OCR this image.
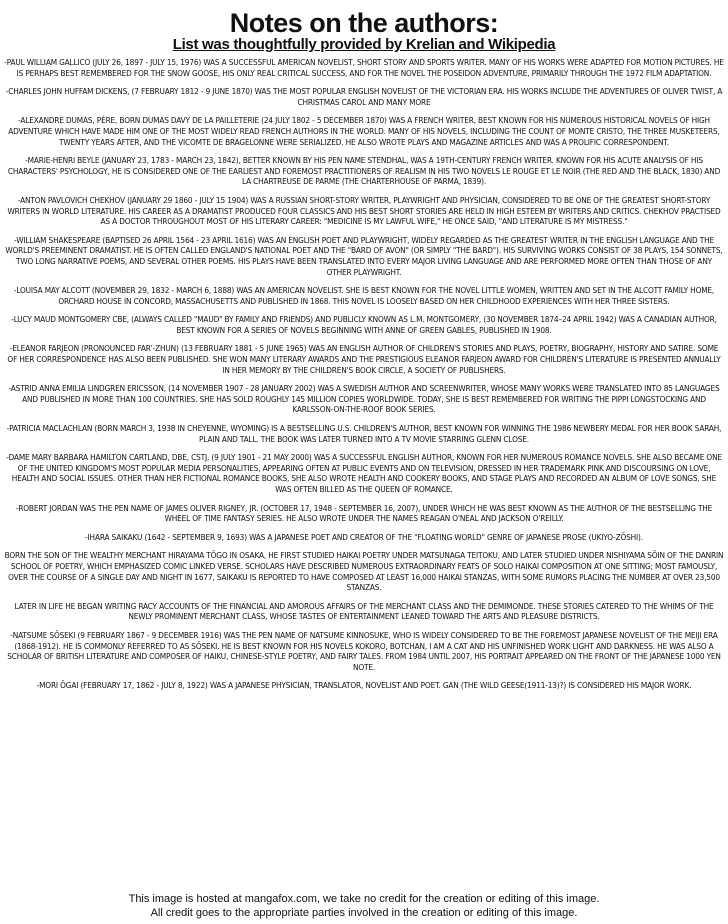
Notes on the authors:
List was thoughtfully provided by Krelian and Wikipedia

-PAUL WILLIAM GALLICO (JULY 26, 1897 - JULY 15, 1976) WAS A SUCCESSFUL AMERICAN NOVELIST, SHORT STORY AND SPORTS WRITER. MANY OF HIS WORKS WERE ADAPTED FOR MOTION PICTURES. HE IS PERHAPS BEST REMEMBERED FOR THE SNOW GOOSE, HIS ONLY REAL CRITICAL SUCCESS, AND FOR THE NOVEL THE POSEIDON ADVENTURE, PRIMARILY THROUGH THE 1972 FILM ADAPTATION.

-CHARLES JOHN HUFFAM DICKENS, (7 FEBRUARY 1812 - 9 JUNE 1870) WAS THE MOST POPULAR ENGLISH NOVELIST OF THE VICTORIAN ERA. HIS WORKS INCLUDE THE ADVENTURES OF OLIVER TWIST, A CHRISTMAS CAROL AND MANY MORE

-ALEXANDRE DUMAS, PÈRE, BORN DUMAS DAVY DE LA PAILLETERIE (24 JULY 1802 - 5 DECEMBER 1870) WAS A FRENCH WRITER, BEST KNOWN FOR HIS NUMEROUS HISTORICAL NOVELS OF HIGH ADVENTURE WHICH HAVE MADE HIM ONE OF THE MOST WIDELY READ FRENCH AUTHORS IN THE WORLD. MANY OF HIS NOVELS, INCLUDING THE COUNT OF MONTE CRISTO, THE THREE MUSKETEERS, TWENTY YEARS AFTER, AND THE VICOMTE DE BRAGELONNE WERE SERIALIZED. HE ALSO WROTE PLAYS AND MAGAZINE ARTICLES AND WAS A PROLIFIC CORRESPONDENT.

-MARIE-HENRI BEYLE (JANUARY 23, 1783 - MARCH 23, 1842), BETTER KNOWN BY HIS PEN NAME STENDHAL, WAS A 19TH-CENTURY FRENCH WRITER. KNOWN FOR HIS ACUTE ANALYSIS OF HIS CHARACTERS' PSYCHOLOGY, HE IS CONSIDERED ONE OF THE EARLIEST AND FOREMOST PRACTITIONERS OF REALISM IN HIS TWO NOVELS LE ROUGE ET LE NOIR (THE RED AND THE BLACK, 1830) AND LA CHARTREUSE DE PARME (THE CHARTERHOUSE OF PARMA, 1839).

-ANTON PAVLOVICH CHEKHOV (JANUARY 29 1860 - JULY 15 1904) WAS A RUSSIAN SHORT-STORY WRITER, PLAYWRIGHT AND PHYSICIAN, CONSIDERED TO BE ONE OF THE GREATEST SHORT-STORY WRITERS IN WORLD LITERATURE. HIS CAREER AS A DRAMATIST PRODUCED FOUR CLASSICS AND HIS BEST SHORT STORIES ARE HELD IN HIGH ESTEEM BY WRITERS AND CRITICS. CHEKHOV PRACTISED AS A DOCTOR THROUGHOUT MOST OF HIS LITERARY CAREER: "MEDICINE IS MY LAWFUL WIFE," HE ONCE SAID, "AND LITERATURE IS MY MISTRESS."

-WILLIAM SHAKESPEARE (BAPTISED 26 APRIL 1564 - 23 APRIL 1616) WAS AN ENGLISH POET AND PLAYWRIGHT, WIDELY REGARDED AS THE GREATEST WRITER IN THE ENGLISH LANGUAGE AND THE WORLD'S PREEMINENT DRAMATIST. HE IS OFTEN CALLED ENGLAND'S NATIONAL POET AND THE "BARD OF AVON" (OR SIMPLY "THE BARD"). HIS SURVIVING WORKS CONSIST OF 38 PLAYS, 154 SONNETS, TWO LONG NARRATIVE POEMS, AND SEVERAL OTHER POEMS. HIS PLAYS HAVE BEEN TRANSLATED INTO EVERY MAJOR LIVING LANGUAGE AND ARE PERFORMED MORE OFTEN THAN THOSE OF ANY OTHER PLAYWRIGHT.

-LOUISA MAY ALCOTT (NOVEMBER 29, 1832 - MARCH 6, 1888) WAS AN AMERICAN NOVELIST. SHE IS BEST KNOWN FOR THE NOVEL LITTLE WOMEN, WRITTEN AND SET IN THE ALCOTT FAMILY HOME, ORCHARD HOUSE IN CONCORD, MASSACHUSETTS AND PUBLISHED IN 1868. THIS NOVEL IS LOOSELY BASED ON HER CHILDHOOD EXPERIENCES WITH HER THREE SISTERS.

-LUCY MAUD MONTGOMERY CBE, (ALWAYS CALLED "MAUD" BY FAMILY AND FRIENDS) AND PUBLICLY KNOWN AS L.M. MONTGOMERY, (30 NOVEMBER 1874–24 APRIL 1942) WAS A CANADIAN AUTHOR, BEST KNOWN FOR A SERIES OF NOVELS BEGINNING WITH ANNE OF GREEN GABLES, PUBLISHED IN 1908.

-ELEANOR FARJEON (PRONOUNCED FAR'-ZHUN) (13 FEBRUARY 1881 - 5 JUNE 1965) WAS AN ENGLISH AUTHOR OF CHILDREN'S STORIES AND PLAYS, POETRY, BIOGRAPHY, HISTORY AND SATIRE. SOME OF HER CORRESPONDENCE HAS ALSO BEEN PUBLISHED. SHE WON MANY LITERARY AWARDS AND THE PRESTIGIOUS ELEANOR FARJEON AWARD FOR CHILDREN'S LITERATURE IS PRESENTED ANNUALLY IN HER MEMORY BY THE CHILDREN'S BOOK CIRCLE, A SOCIETY OF PUBLISHERS.

-ASTRID ANNA EMILIA LINDGREN ERICSSON, (14 NOVEMBER 1907 - 28 JANUARY 2002) WAS A SWEDISH AUTHOR AND SCREENWRITER, WHOSE MANY WORKS WERE TRANSLATED INTO 85 LANGUAGES AND PUBLISHED IN MORE THAN 100 COUNTRIES. SHE HAS SOLD ROUGHLY 145 MILLION COPIES WORLDWIDE. TODAY, SHE IS BEST REMEMBERED FOR WRITING THE PIPPI LONGSTOCKING AND KARLSSON-ON-THE-ROOF BOOK SERIES.

-PATRICIA MACLACHLAN (BORN MARCH 3, 1938 IN CHEYENNE, WYOMING) IS A BESTSELLING U.S. CHILDREN'S AUTHOR, BEST KNOWN FOR WINNING THE 1986 NEWBERY MEDAL FOR HER BOOK SARAH, PLAIN AND TALL. THE BOOK WAS LATER TURNED INTO A TV MOVIE STARRING GLENN CLOSE.

-DAME MARY BARBARA HAMILTON CARTLAND, DBE, CSTJ, (9 JULY 1901 - 21 MAY 2000) WAS A SUCCESSFUL ENGLISH AUTHOR, KNOWN FOR HER NUMEROUS ROMANCE NOVELS. SHE ALSO BECAME ONE OF THE UNITED KINGDOM'S MOST POPULAR MEDIA PERSONALITIES, APPEARING OFTEN AT PUBLIC EVENTS AND ON TELEVISION, DRESSED IN HER TRADEMARK PINK AND DISCOURSING ON LOVE, HEALTH AND SOCIAL ISSUES. OTHER THAN HER FICTIONAL ROMANCE BOOKS, SHE ALSO WROTE HEALTH AND COOKERY BOOKS, AND STAGE PLAYS AND RECORDED AN ALBUM OF LOVE SONGS. SHE WAS OFTEN BILLED AS THE QUEEN OF ROMANCE.

-ROBERT JORDAN WAS THE PEN NAME OF JAMES OLIVER RIGNEY, JR. (OCTOBER 17, 1948 - SEPTEMBER 16, 2007), UNDER WHICH HE WAS BEST KNOWN AS THE AUTHOR OF THE BESTSELLING THE WHEEL OF TIME FANTASY SERIES. HE ALSO WROTE UNDER THE NAMES REAGAN O'NEAL AND JACKSON O'REILLY.

-IHARA SAIKAKU (1642 - SEPTEMBER 9, 1693) WAS A JAPANESE POET AND CREATOR OF THE "FLOATING WORLD" GENRE OF JAPANESE PROSE (UKIYO-ZŌSHI).

BORN THE SON OF THE WEALTHY MERCHANT HIRAYAMA TŌGO IN OSAKA, HE FIRST STUDIED HAIKAI POETRY UNDER MATSUNAGA TEITOKU, AND LATER STUDIED UNDER NISHIYAMA SŌIN OF THE DANRIN SCHOOL OF POETRY, WHICH EMPHASIZED COMIC LINKED VERSE. SCHOLARS HAVE DESCRIBED NUMEROUS EXTRAORDINARY FEATS OF SOLO HAIKAI COMPOSITION AT ONE SITTING; MOST FAMOUSLY, OVER THE COURSE OF A SINGLE DAY AND NIGHT IN 1677, SAIKAKU IS REPORTED TO HAVE COMPOSED AT LEAST 16,000 HAIKAI STANZAS, WITH SOME RUMORS PLACING THE NUMBER AT OVER 23,500 STANZAS.

LATER IN LIFE HE BEGAN WRITING RACY ACCOUNTS OF THE FINANCIAL AND AMOROUS AFFAIRS OF THE MERCHANT CLASS AND THE DEMIMONDE. THESE STORIES CATERED TO THE WHIMS OF THE NEWLY PROMINENT MERCHANT CLASS, WHOSE TASTES OF ENTERTAINMENT LEANED TOWARD THE ARTS AND PLEASURE DISTRICTS.

-NATSUME SŌSEKI (9 FEBRUARY 1867 - 9 DECEMBER 1916) WAS THE PEN NAME OF NATSUME KINNOSUKE, WHO IS WIDELY CONSIDERED TO BE THE FOREMOST JAPANESE NOVELIST OF THE MEIJI ERA (1868-1912). HE IS COMMONLY REFERRED TO AS SŌSEKI. HE IS BEST KNOWN FOR HIS NOVELS KOKORO, BOTCHAN, I AM A CAT AND HIS UNFINISHED WORK LIGHT AND DARKNESS. HE WAS ALSO A SCHOLAR OF BRITISH LITERATURE AND COMPOSER OF HAIKU, CHINESE-STYLE POETRY, AND FAIRY TALES. FROM 1984 UNTIL 2007, HIS PORTRAIT APPEARED ON THE FRONT OF THE JAPANESE 1000 YEN NOTE.

-MORI ŌGAI (FEBRUARY 17, 1862 - JULY 8, 1922) WAS A JAPANESE PHYSICIAN, TRANSLATOR, NOVELIST AND POET. GAN (THE WILD GEESE(1911-13)?) IS CONSIDERED HIS MAJOR WORK.

This image is hosted at mangafox.com, we take no credit for the creation or editing of this image.
All credit goes to the appropriate parties involved in the creation or editing of this image.
